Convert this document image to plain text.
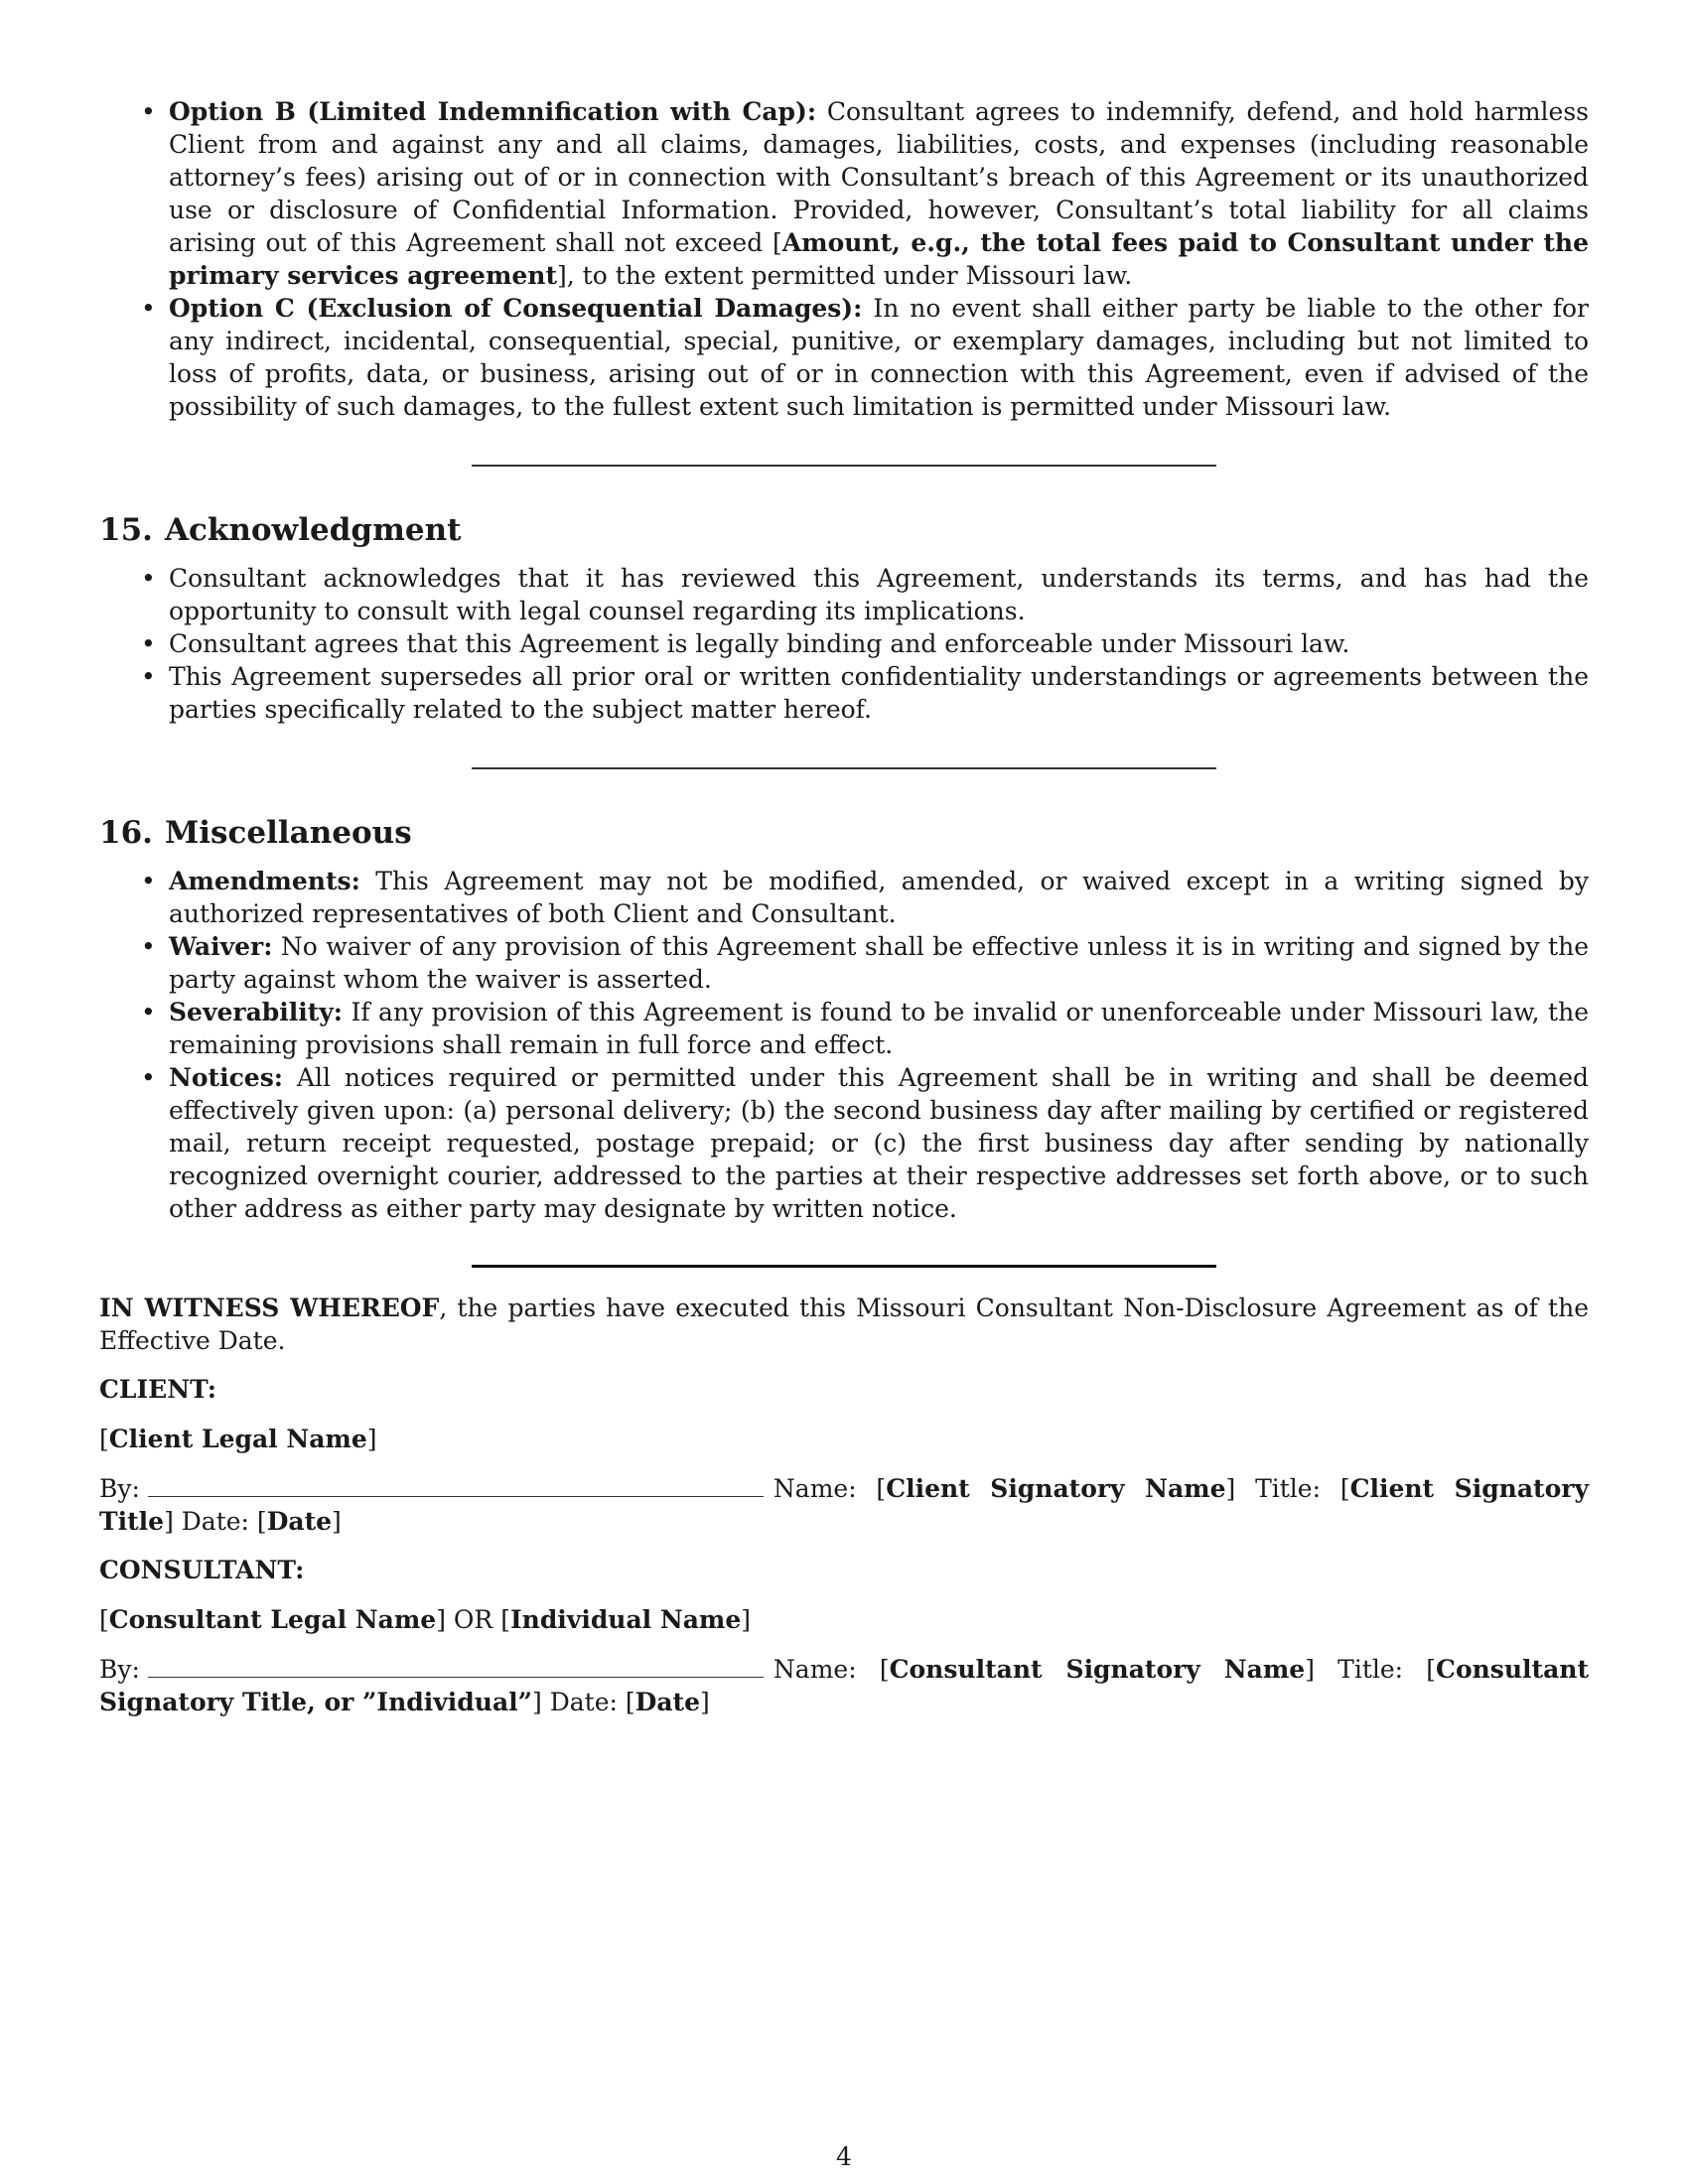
• Option B (Limited Indemnification with Cap): Consultant agrees to indemnify, defend, and hold harmless Client from and against any and all claims, damages, liabilities, costs, and expenses (including reasonable attorney’s fees) arising out of or in connection with Consultant’s breach of this Agreement or its unauthorized use or disclosure of Confidential Information. Provided, however, Consultant’s total liability for all claims arising out of this Agreement shall not exceed [Amount, e.g., the total fees paid to Consultant under the primary services agreement], to the extent permitted under Missouri law.
• Option C (Exclusion of Consequential Damages): In no event shall either party be liable to the other for any indirect, incidental, consequential, special, punitive, or exemplary damages, including but not limited to loss of profits, data, or business, arising out of or in connection with this Agreement, even if advised of the possibility of such damages, to the fullest extent such limitation is permitted under Missouri law.
15. Acknowledgment
• Consultant acknowledges that it has reviewed this Agreement, understands its terms, and has had the opportunity to consult with legal counsel regarding its implications.
• Consultant agrees that this Agreement is legally binding and enforceable under Missouri law.
• This Agreement supersedes all prior oral or written confidentiality understandings or agreements between the parties specifically related to the subject matter hereof.
16. Miscellaneous
• Amendments: This Agreement may not be modified, amended, or waived except in a writing signed by authorized representatives of both Client and Consultant.
• Waiver: No waiver of any provision of this Agreement shall be effective unless it is in writing and signed by the party against whom the waiver is asserted.
• Severability: If any provision of this Agreement is found to be invalid or unenforceable under Missouri law, the remaining provisions shall remain in full force and effect.
• Notices: All notices required or permitted under this Agreement shall be in writing and shall be deemed effectively given upon: (a) personal delivery; (b) the second business day after mailing by certified or registered mail, return receipt requested, postage prepaid; or (c) the first business day after sending by nationally recognized overnight courier, addressed to the parties at their respective addresses set forth above, or to such other address as either party may designate by written notice.

IN WITNESS WHEREOF, the parties have executed this Missouri Consultant Non-Disclosure Agreement as of the Effective Date.

CLIENT:

[Client Legal Name]

By:	Name: [Client Signatory Name] Title: [Client Signatory Title] Date: [Date]

CONSULTANT:

[Consultant Legal Name] OR [Individual Name]

By:	Name: [Consultant Signatory Name] Title: [Consultant Signatory Title, or ”Individual”] Date: [Date]

4
